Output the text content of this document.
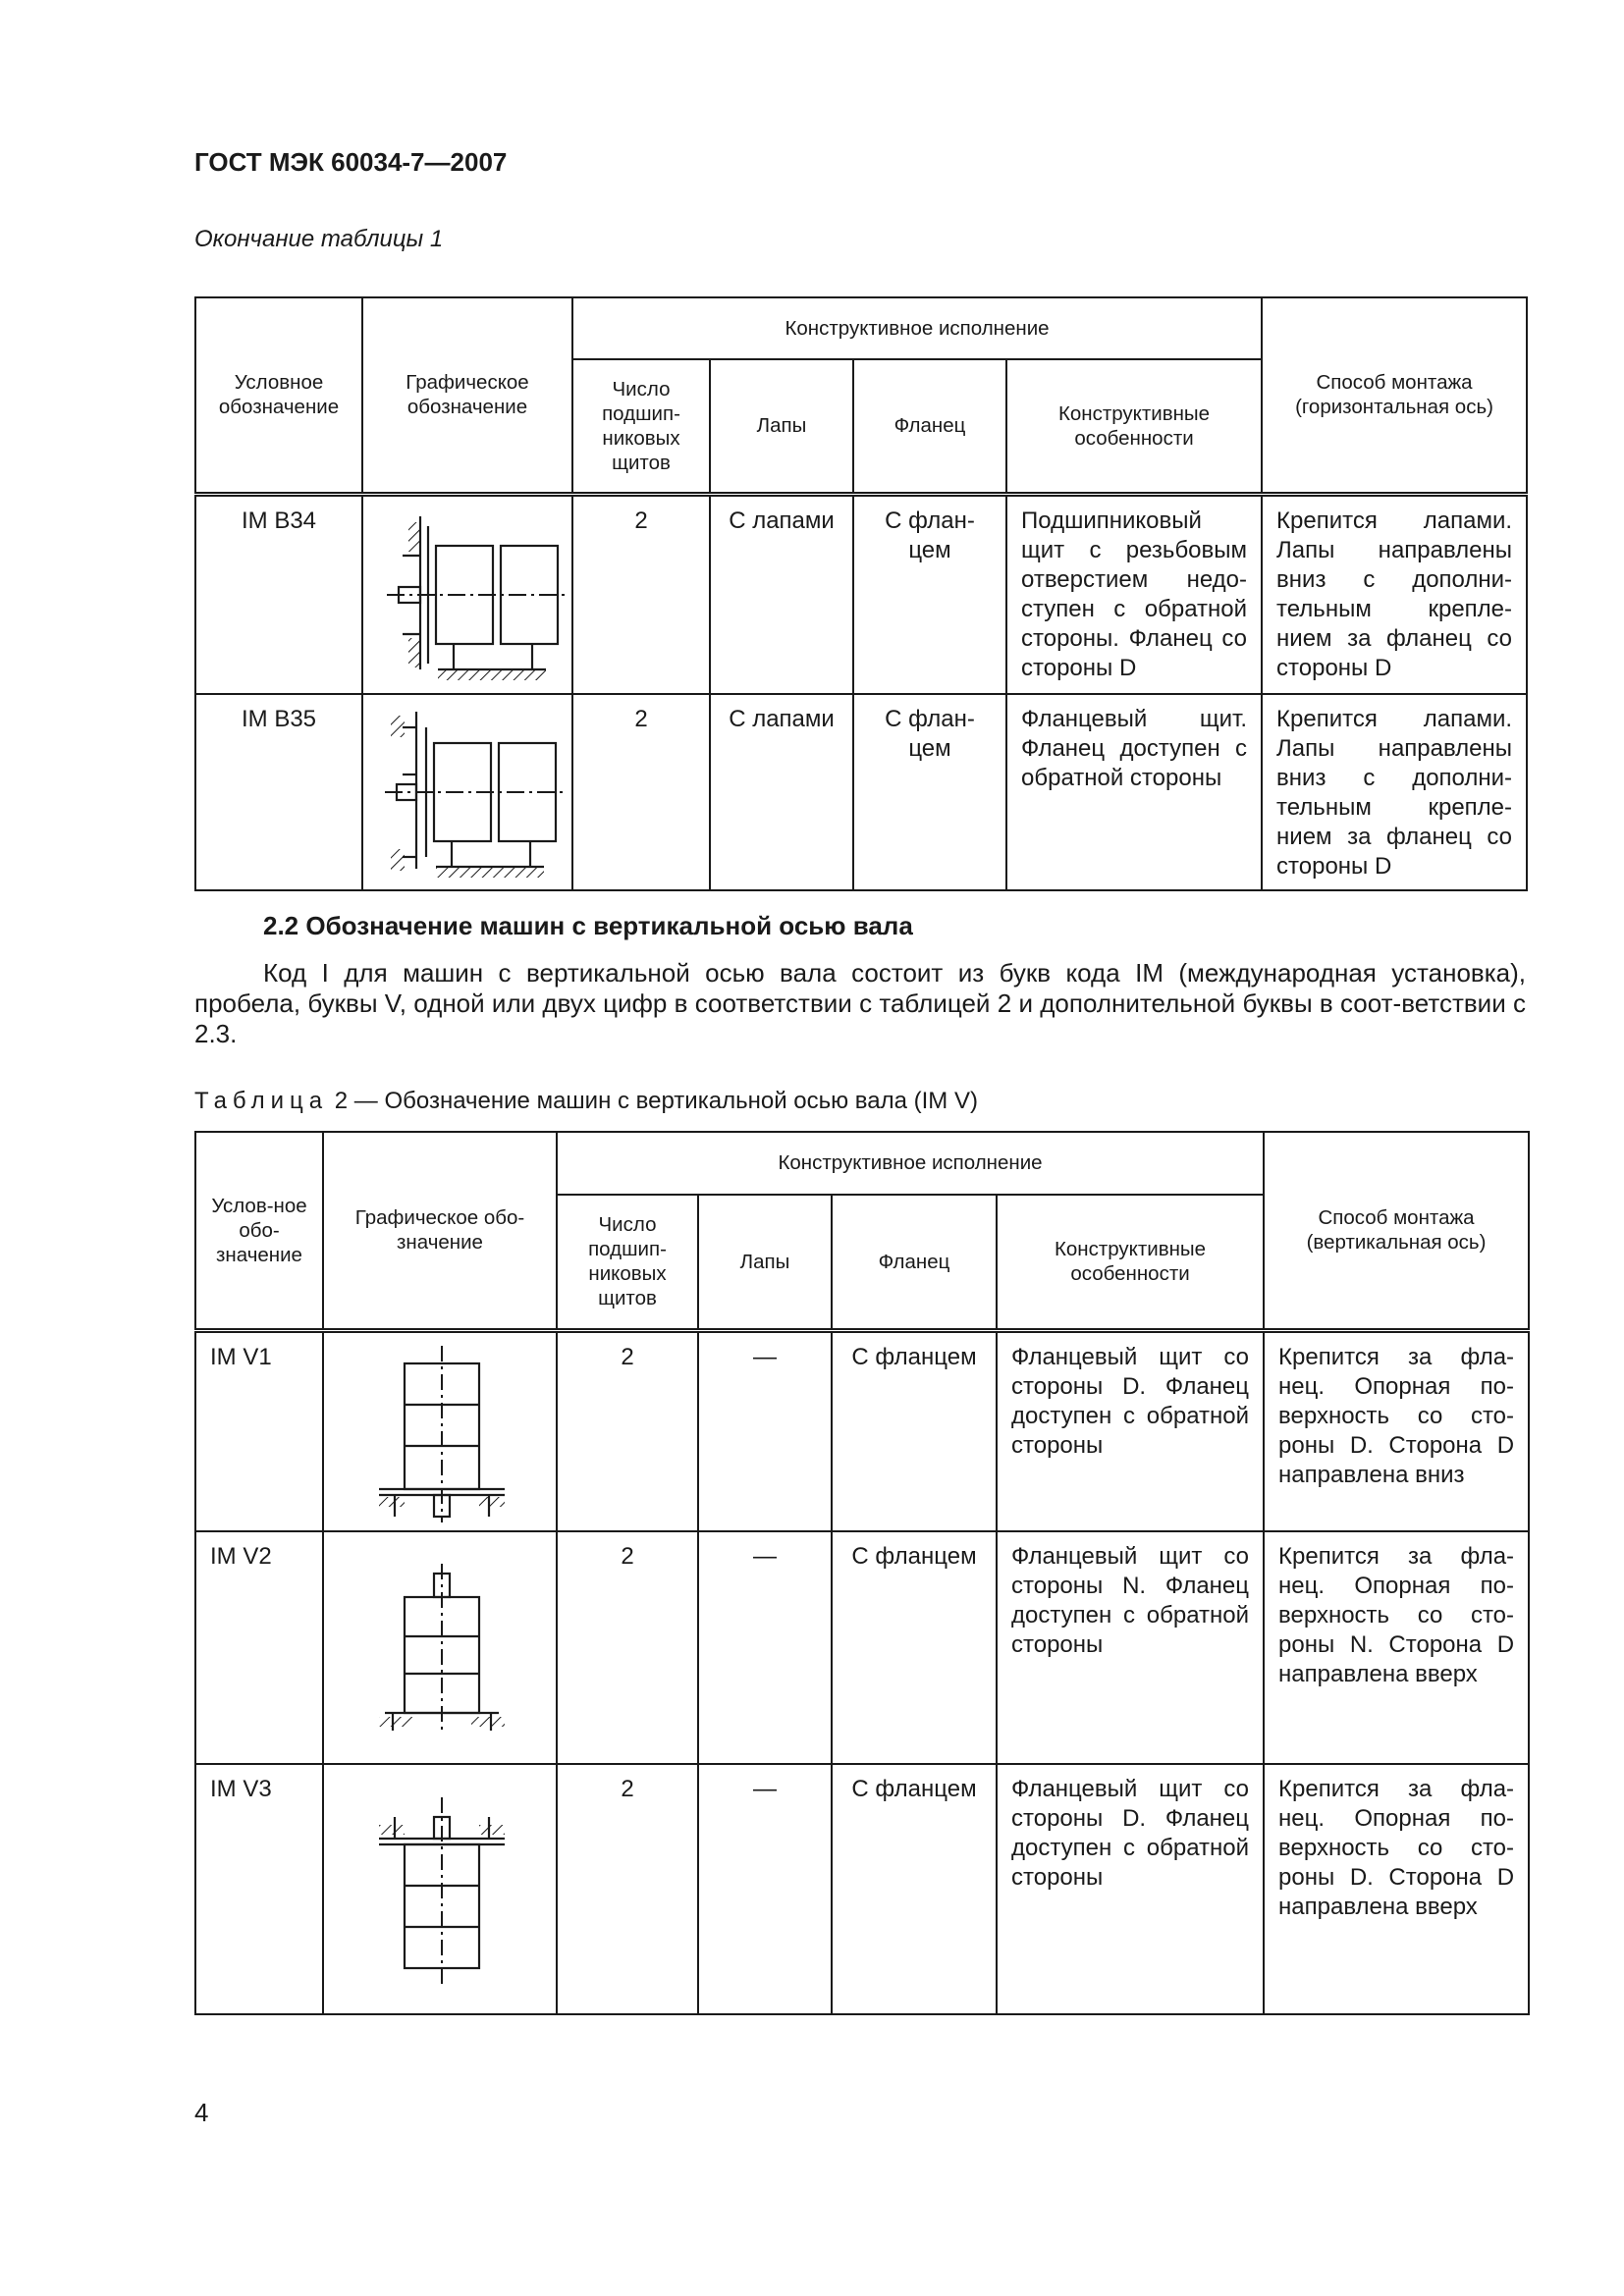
ГОСТ МЭК 60034-7—2007
Окончание таблицы 1
Условное обозначение	Графическое обозначение	Конструктивное исполнение				Способ монтажа (горизонтальная ось)
		Число подшип-никовых щитов	Лапы	Фланец	Конструктивные особенности	
IM B34		2	С лапами	С флан-цем	Подшипниковый щит с резьбовым отверстием недо-ступен с обратной стороны. Фланец со стороны D	Крепится лапами. Лапы направлены вниз с дополни-тельным крепле-нием за фланец со стороны D
IM B35		2	С лапами	С флан-цем	Фланцевый щит. Фланец доступен с обратной стороны	Крепится лапами. Лапы направлены вниз с дополни-тельным крепле-нием за фланец со стороны D
2.2 Обозначение машин с вертикальной осью вала
Код I для машин с вертикальной осью вала состоит из букв кода IM (международная установка), пробела, буквы V, одной или двух цифр в соответствии с таблицей 2 и дополнительной буквы в соот-ветствии с 2.3.
Таблица 2 — Обозначение машин с вертикальной осью вала (IM V)
Услов-ное обо-значение	Графическое обо-значение	Конструктивное исполнение				Способ монтажа (вертикальная ось)
		Число подшип-никовых щитов	Лапы	Фланец	Конструктивные особенности	
IM V1		2	—	С фланцем	Фланцевый щит со стороны D. Фланец доступен с обратной стороны	Крепится за фла-нец. Опорная по-верхность со сто-роны D. Сторона D направлена вниз
IM V2		2	—	С фланцем	Фланцевый щит со стороны N. Фланец доступен с обратной стороны	Крепится за фла-нец. Опорная по-верхность со сто-роны N. Сторона D направлена вверх
IM V3		2	—	С фланцем	Фланцевый щит со стороны D. Фланец доступен с обратной стороны	Крепится за фла-нец. Опорная по-верхность со сто-роны D. Сторона D направлена вверх
4
